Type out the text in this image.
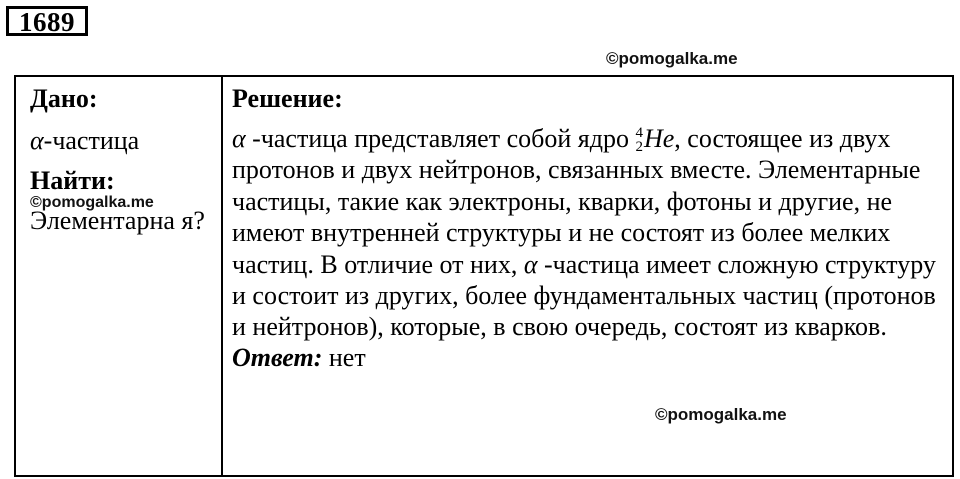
1689
©pomogalka.me

Дано:

α-частица

Найти:

Элементарна я?

Решение:

α -частица представляет собой ядро 4
2 He, состоящее из двух протонов и двух нейтронов, связанных вместе. Элементарные частицы, такие как электроны, кварки, фотоны и другие, не имеют внутренней структуры и не состоят из более мелких частиц. В отличие от них, α -частица имеет сложную структуру и состоит из других, более фундаментальных частиц (протонов и нейтронов), которые, в свою очередь, состоят из кварков.
Ответ: нет
©pomogalka.me
©pomogalka.me
